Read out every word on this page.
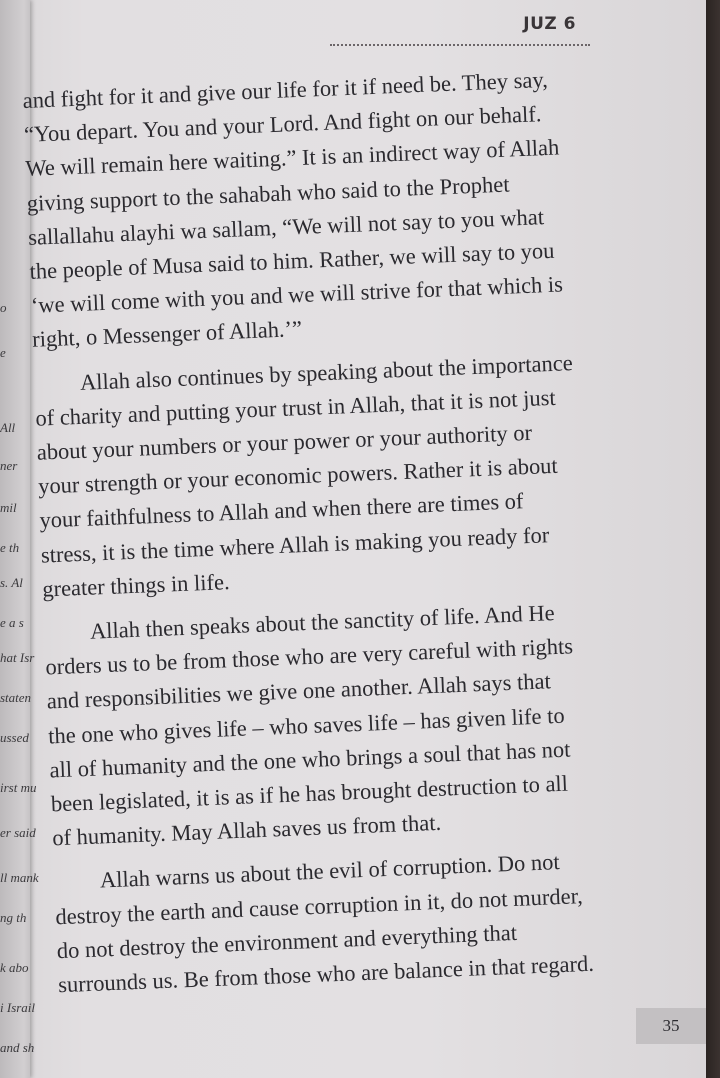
o
e
All
ner
mil
e th
s. Al
e a s
hat Isr
staten
ussed
irst mu
er said
ll mank
ng th
k abo
i Israil
and sh
JUZ 6

and fight for it and give our life for it if need be. They say,
“You depart. You and your Lord. And fight on our behalf.
We will remain here waiting.” It is an indirect way of Allah
giving support to the sahabah who said to the Prophet
sallallahu alayhi wa sallam, “We will not say to you what
the people of Musa said to him. Rather, we will say to you
‘we will come with you and we will strive for that which is
right, o Messenger of Allah.’”

Allah also continues by speaking about the importance
of charity and putting your trust in Allah, that it is not just
about your numbers or your power or your authority or
your strength or your economic powers. Rather it is about
your faithfulness to Allah and when there are times of
stress, it is the time where Allah is making you ready for
greater things in life.

Allah then speaks about the sanctity of life. And He
orders us to be from those who are very careful with rights
and responsibilities we give one another. Allah says that
the one who gives life – who saves life – has given life to
all of humanity and the one who brings a soul that has not
been legislated, it is as if he has brought destruction to all
of humanity. May Allah saves us from that.

Allah warns us about the evil of corruption. Do not
destroy the earth and cause corruption in it, do not murder,
do not destroy the environment and everything that
surrounds us. Be from those who are balance in that regard.

35
